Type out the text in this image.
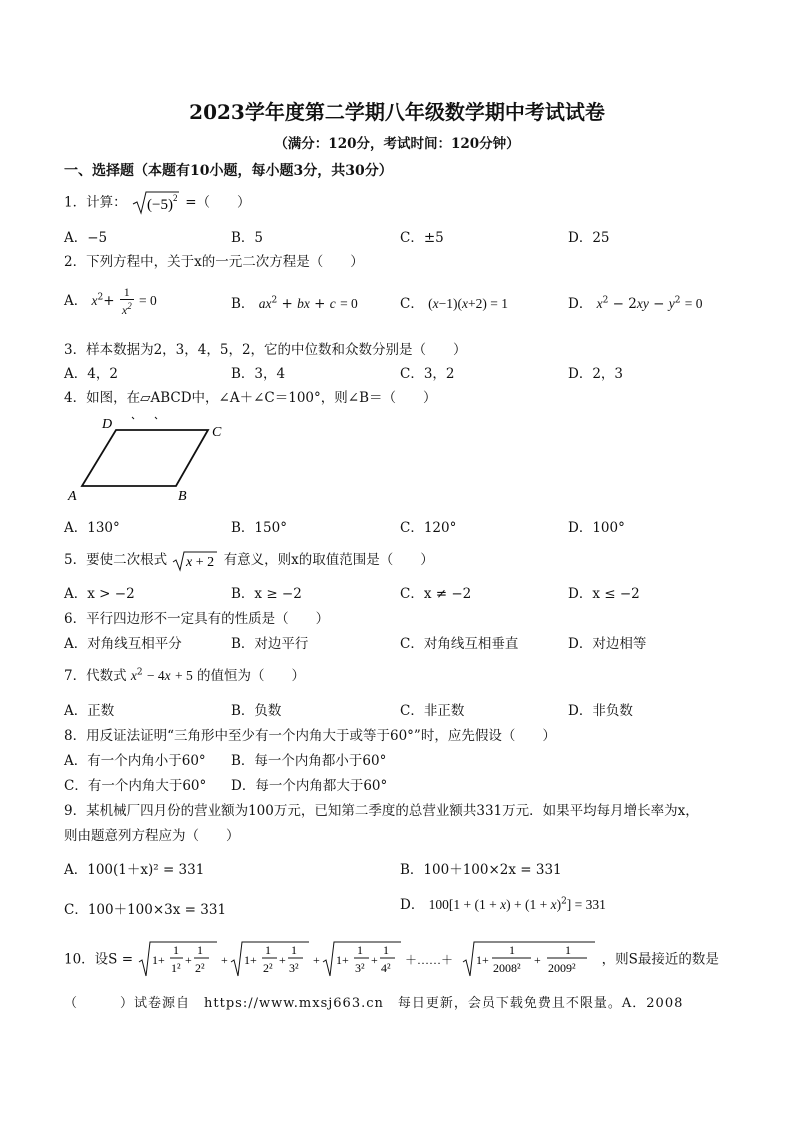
2023学年度第二学期八年级数学期中考试试卷
（满分：120分，考试时间：120分钟）
一、选择题（本题有10小题，每小题3分，共30分）
1．计算： (−5) 2 =（　　）
A．−5	B．5	C．±5	D．25
2．下列方程中，关于x的一元二次方程是（　　）
A． $x^2+ \frac{1}{x^2} = 0$	B． $ax^2$ + bx + c = 0	C． (x−1)(x+2) = 1	D． $x^2 - 2xy - y^2 = 0$
3．样本数据为2，3，4，5，2，它的中位数和众数分别是（　　）
A．4，2	B．3，4	C．3，2	D．2，3
4．如图，在▱ABCD中，∠A＋∠C＝100°，则∠B＝（　　）
D
C
A	B
A．130°	B．150°	C．120°	D．100°
5．要使二次根式 x + 2 有意义，则x的取值范围是（　　）
A．x > −2	B．x ≥ −2	C．x ≠ −2	D．x ≤ −2
6．平行四边形不一定具有的性质是（　　）
A．对角线互相平分	B．对边平行	C．对角线互相垂直	D．对边相等
7．代数式 $x^2 - 4x + 5$ 的值恒为（　　）
A．正数	B．负数	C．非正数	D．非负数
8．用反证法证明“三角形中至少有一个内角大于或等于60°”时，应先假设（　　）
A．有一个内角小于60° B．每一个内角都小于60°
C．有一个内角大于60° D．每一个内角都大于60°
9．某机械厂四月份的营业额为100万元，已知第二季度的总营业额共331万元．如果平均每月增长率为x，
则由题意列方程应为（　　）
A．100(1＋x)² = 331	B．100＋100×2x = 331
C．100＋100×3x = 331	D． $100[1 + (1 + x) + (1 + x)^2] = 331$
10．设S = 1+
1
1²
+
1
2²
+ 1+
1
2²
+
1
3²
+ 1+
1
3²
+
1
4²
＋……＋ 1+
1
2008²
+
1
2009²
，则S最接近的数是
（　　　）试卷源自　https://www.mxsj663.cn　每日更新，会员下载免费且不限量。A．2008
